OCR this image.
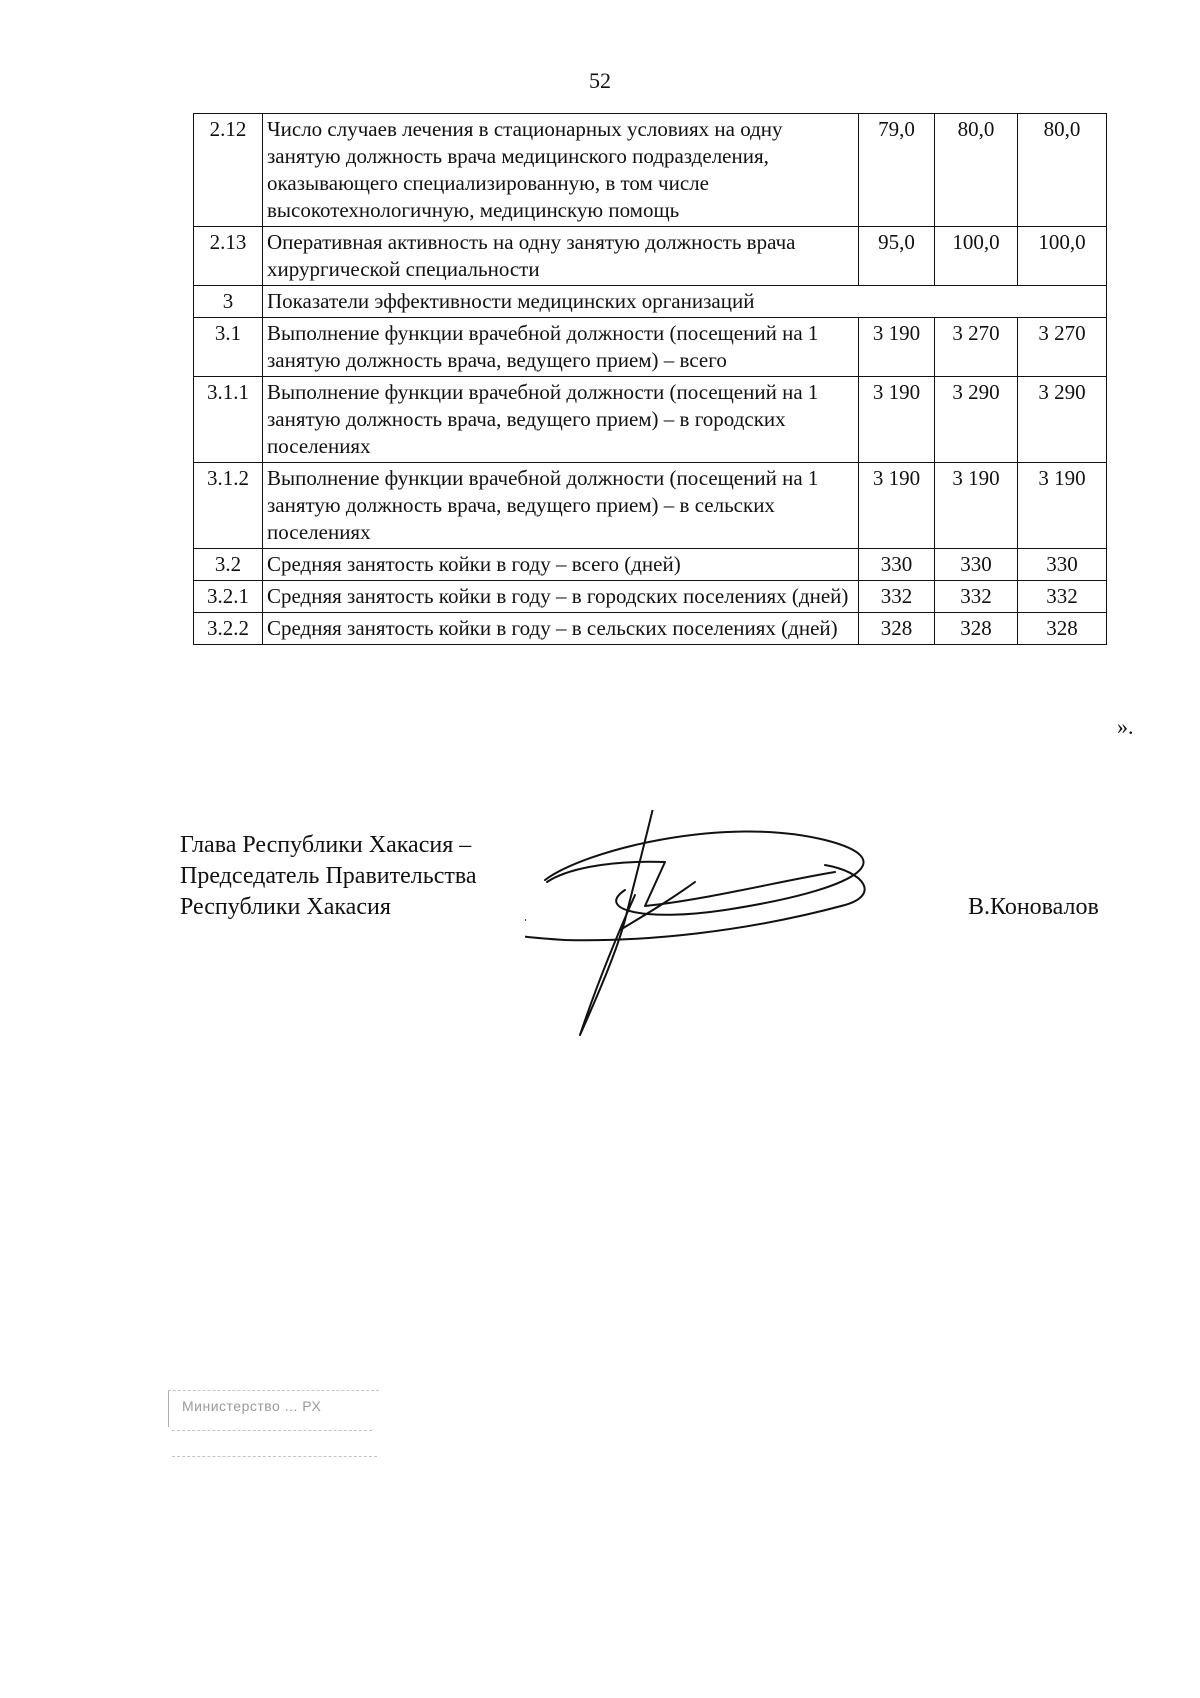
52
2.12	Число случаев лечения в стационарных условиях на одну занятую должность врача медицинского подразделения, оказывающего специализированную, в том числе высокотехнологичную, медицинскую помощь	79,0	80,0	80,0
2.13	Оперативная активность на одну занятую должность врача хирургической специальности	95,0	100,0	100,0
3	Показатели эффективности медицинских организаций			
3.1	Выполнение функции врачебной должности (посещений на 1 занятую должность врача, ведущего прием) – всего	3 190	3 270	3 270
3.1.1	Выполнение функции врачебной должности (посещений на 1 занятую должность врача, ведущего прием) – в городских поселениях	3 190	3 290	3 290
3.1.2	Выполнение функции врачебной должности (посещений на 1 занятую должность врача, ведущего прием) – в сельских поселениях	3 190	3 190	3 190
3.2	Средняя занятость койки в году – всего (дней)	330	330	330
3.2.1	Средняя занятость койки в году – в городских поселениях (дней)	332	332	332
3.2.2	Средняя занятость койки в году – в сельских поселениях (дней)	328	328	328
».
Глава Республики Хакасия –
Председатель Правительства
Республики Хакасия	В.Коновалов
Министерство ... РХ
